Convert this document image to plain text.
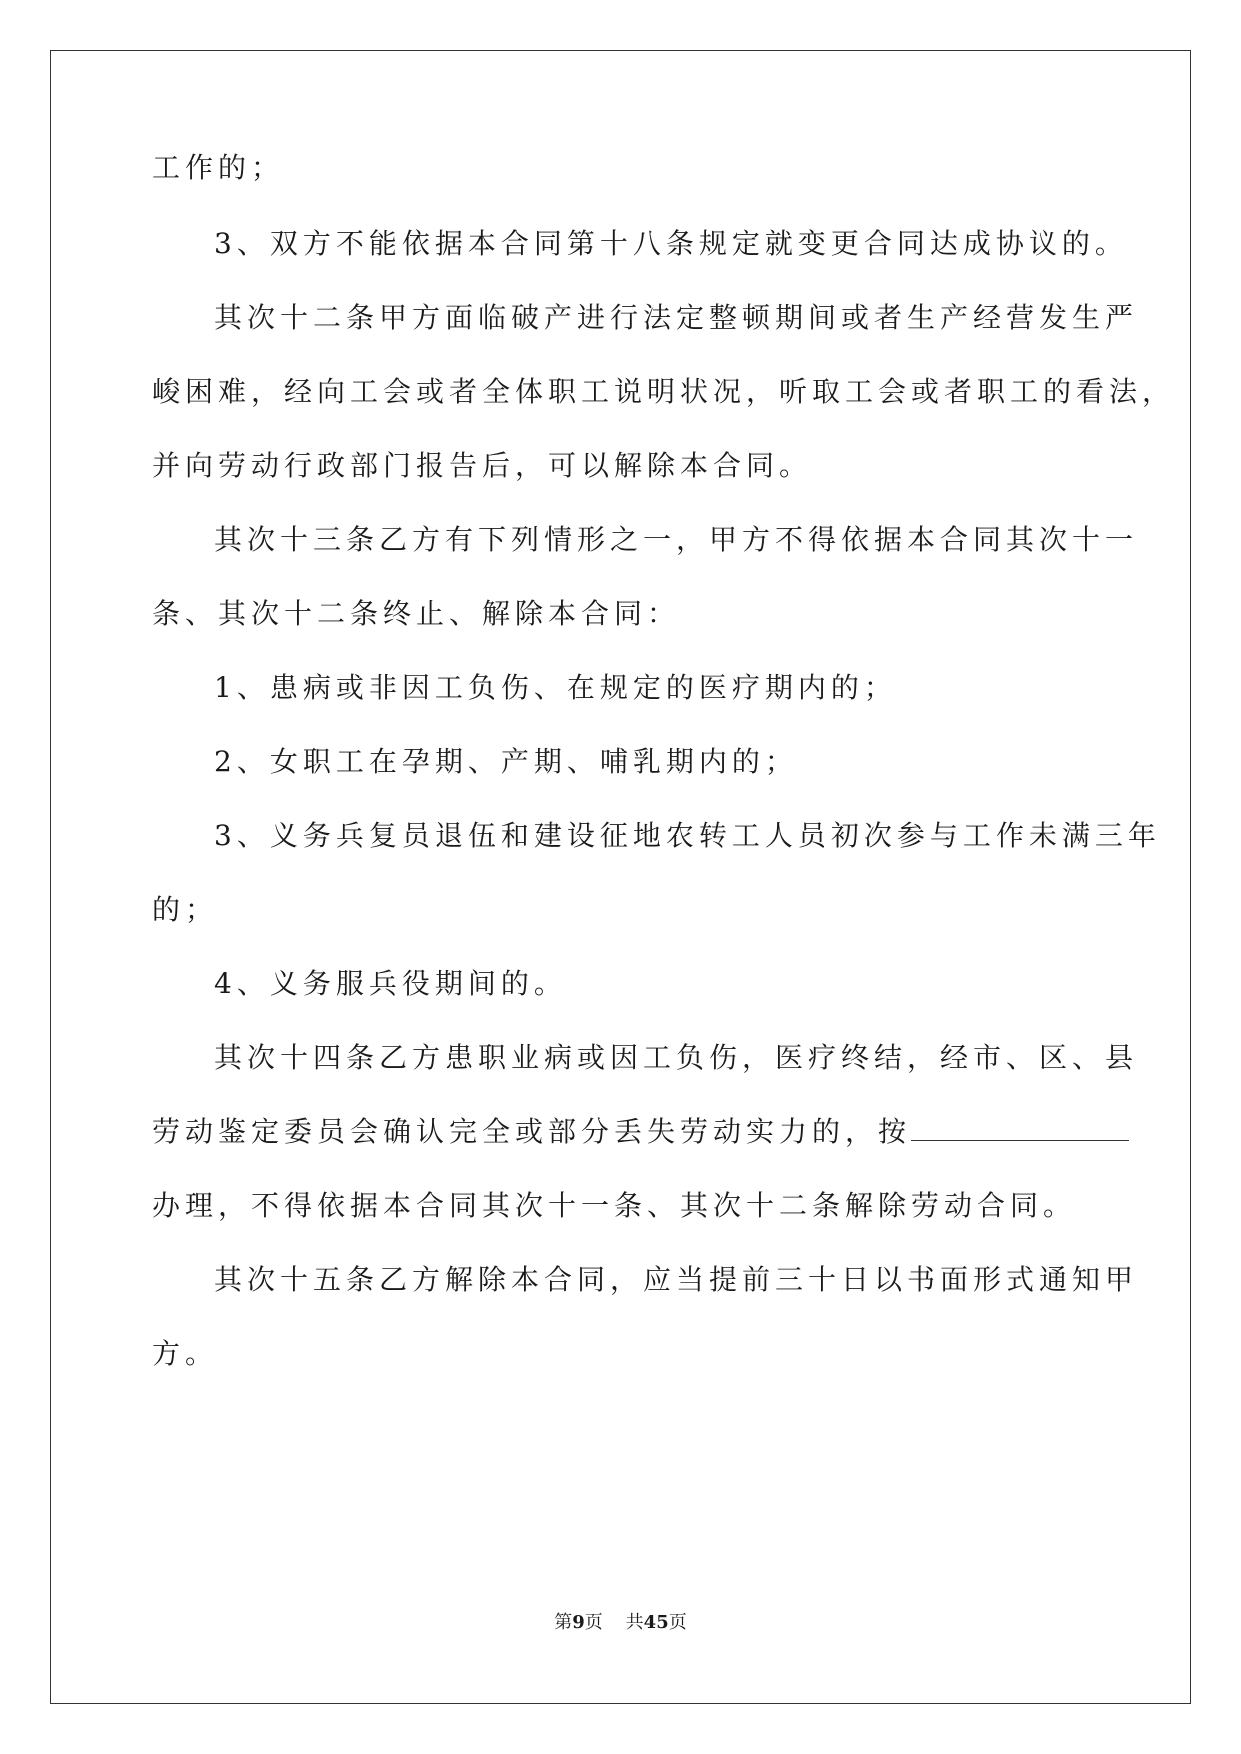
工作的；
3、双方不能依据本合同第十八条规定就变更合同达成协议的。
其次十二条甲方面临破产进行法定整顿期间或者生产经营发生严
峻困难，经向工会或者全体职工说明状况，听取工会或者职工的看法，
并向劳动行政部门报告后，可以解除本合同。
其次十三条乙方有下列情形之一，甲方不得依据本合同其次十一
条、其次十二条终止、解除本合同：
1、患病或非因工负伤、在规定的医疗期内的；
2、女职工在孕期、产期、哺乳期内的；
3、义务兵复员退伍和建设征地农转工人员初次参与工作未满三年
的；
4、义务服兵役期间的。
其次十四条乙方患职业病或因工负伤，医疗终结，经市、区、县
劳动鉴定委员会确认完全或部分丢失劳动实力的，按
办理，不得依据本合同其次十一条、其次十二条解除劳动合同。
其次十五条乙方解除本合同，应当提前三十日以书面形式通知甲
方。
第9页 共45页
